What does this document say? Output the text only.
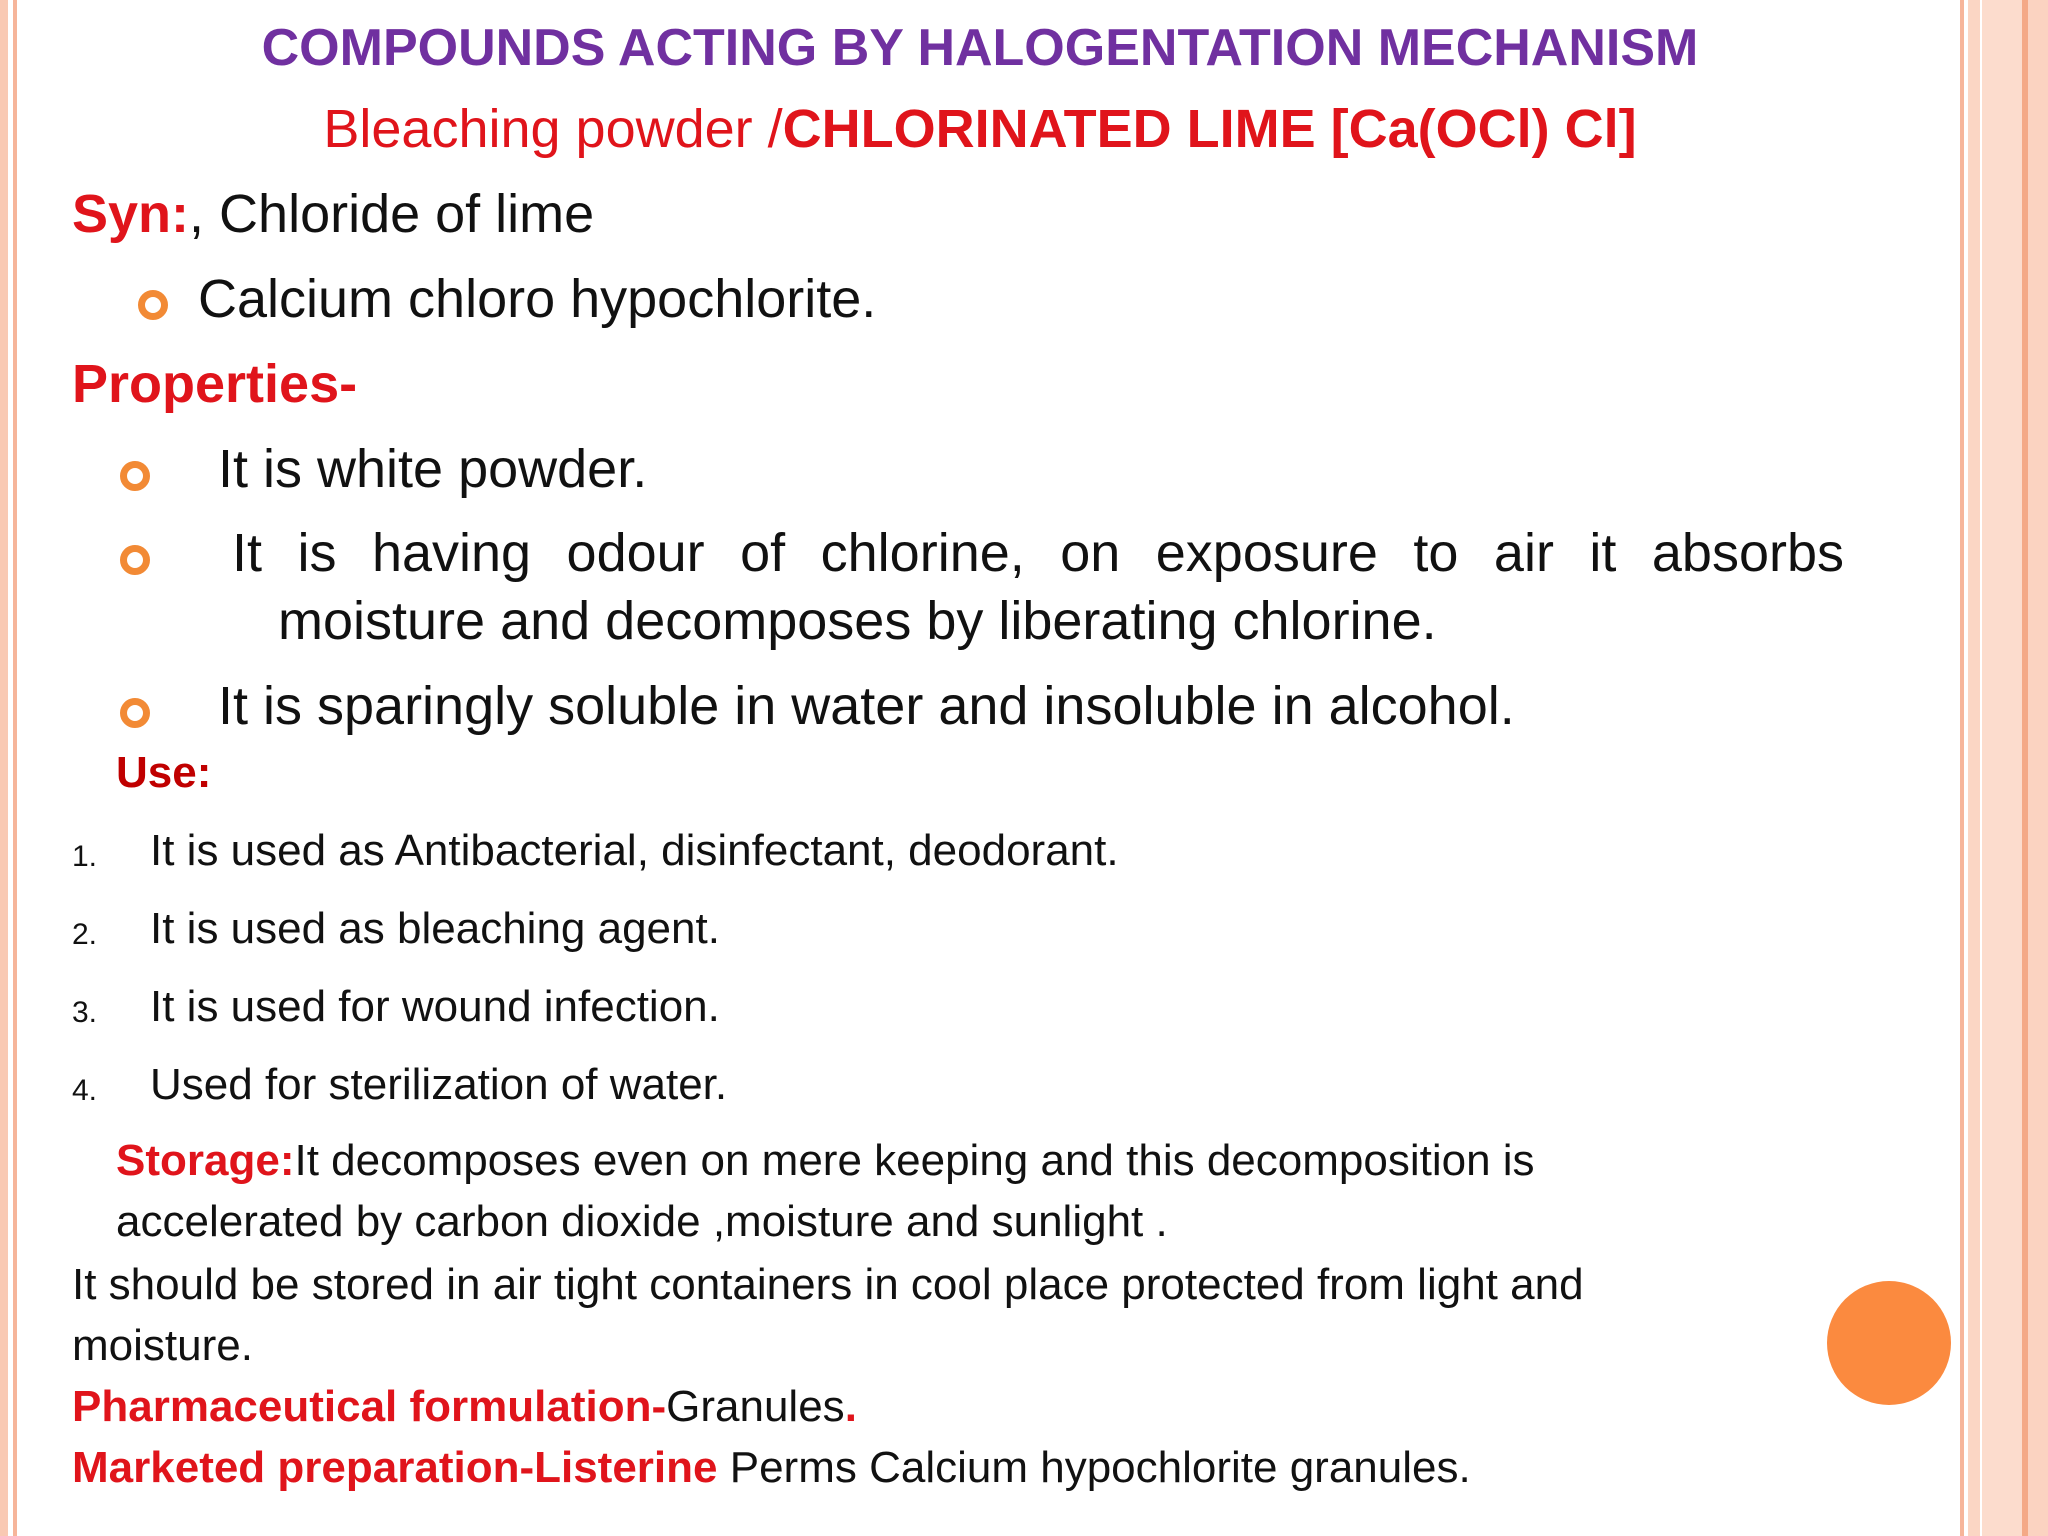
COMPOUNDS ACTING BY HALOGENTATION MECHANISM
Bleaching powder /CHLORINATED LIME [Ca(OCl) Cl]
Syn:, Chloride of lime
Calcium chloro hypochlorite.
Properties-
It is white powder.
It is having odour of chlorine, on exposure to air it absorbs
moisture and decomposes by liberating chlorine.
It is sparingly soluble in water and insoluble in alcohol.
Use:
1. It is used as Antibacterial, disinfectant, deodorant.
2. It is used as bleaching agent.
3. It is used for wound infection.
4. Used for sterilization of water.
Storage:It decomposes even on mere keeping and this decomposition is
accelerated by carbon dioxide ,moisture and sunlight .
It should be stored in air tight containers in cool place protected from light and
moisture.
Pharmaceutical formulation-Granules.
Marketed preparation-Listerine Perms Calcium hypochlorite granules.
